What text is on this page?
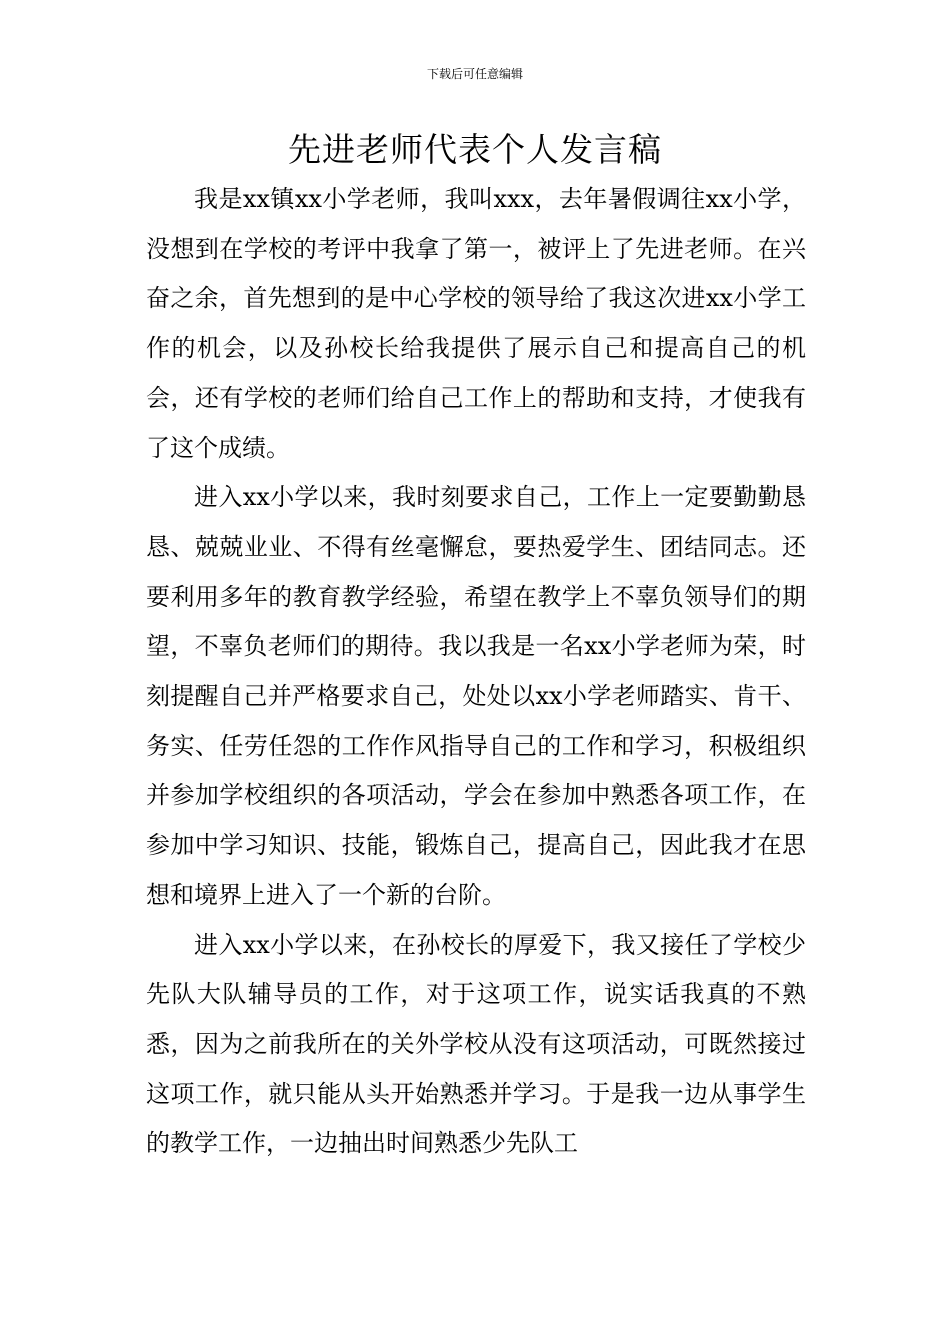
下载后可任意编辑
先进老师代表个人发言稿

我是xx镇xx小学老师，我叫xxx，去年暑假调往xx小学，没想到在学校的考评中我拿了第一，被评上了先进老师。在兴奋之余，首先想到的是中心学校的领导给了我这次进xx小学工作的机会，以及孙校长给我提供了展示自己和提高自己的机会，还有学校的老师们给自己工作上的帮助和支持，才使我有了这个成绩。

进入xx小学以来，我时刻要求自己，工作上一定要勤勤恳恳、兢兢业业、不得有丝毫懈怠，要热爱学生、团结同志。还要利用多年的教育教学经验，希望在教学上不辜负领导们的期望，不辜负老师们的期待。我以我是一名xx小学老师为荣，时刻提醒自己并严格要求自己，处处以xx小学老师踏实、肯干、务实、任劳任怨的工作作风指导自己的工作和学习，积极组织并参加学校组织的各项活动，学会在参加中熟悉各项工作，在参加中学习知识、技能，锻炼自己，提高自己，因此我才在思想和境界上进入了一个新的台阶。

进入xx小学以来，在孙校长的厚爱下，我又接任了学校少先队大队辅导员的工作，对于这项工作，说实话我真的不熟悉，因为之前我所在的关外学校从没有这项活动，可既然接过这项工作，就只能从头开始熟悉并学习。于是我一边从事学生的教学工作，一边抽出时间熟悉少先队工
